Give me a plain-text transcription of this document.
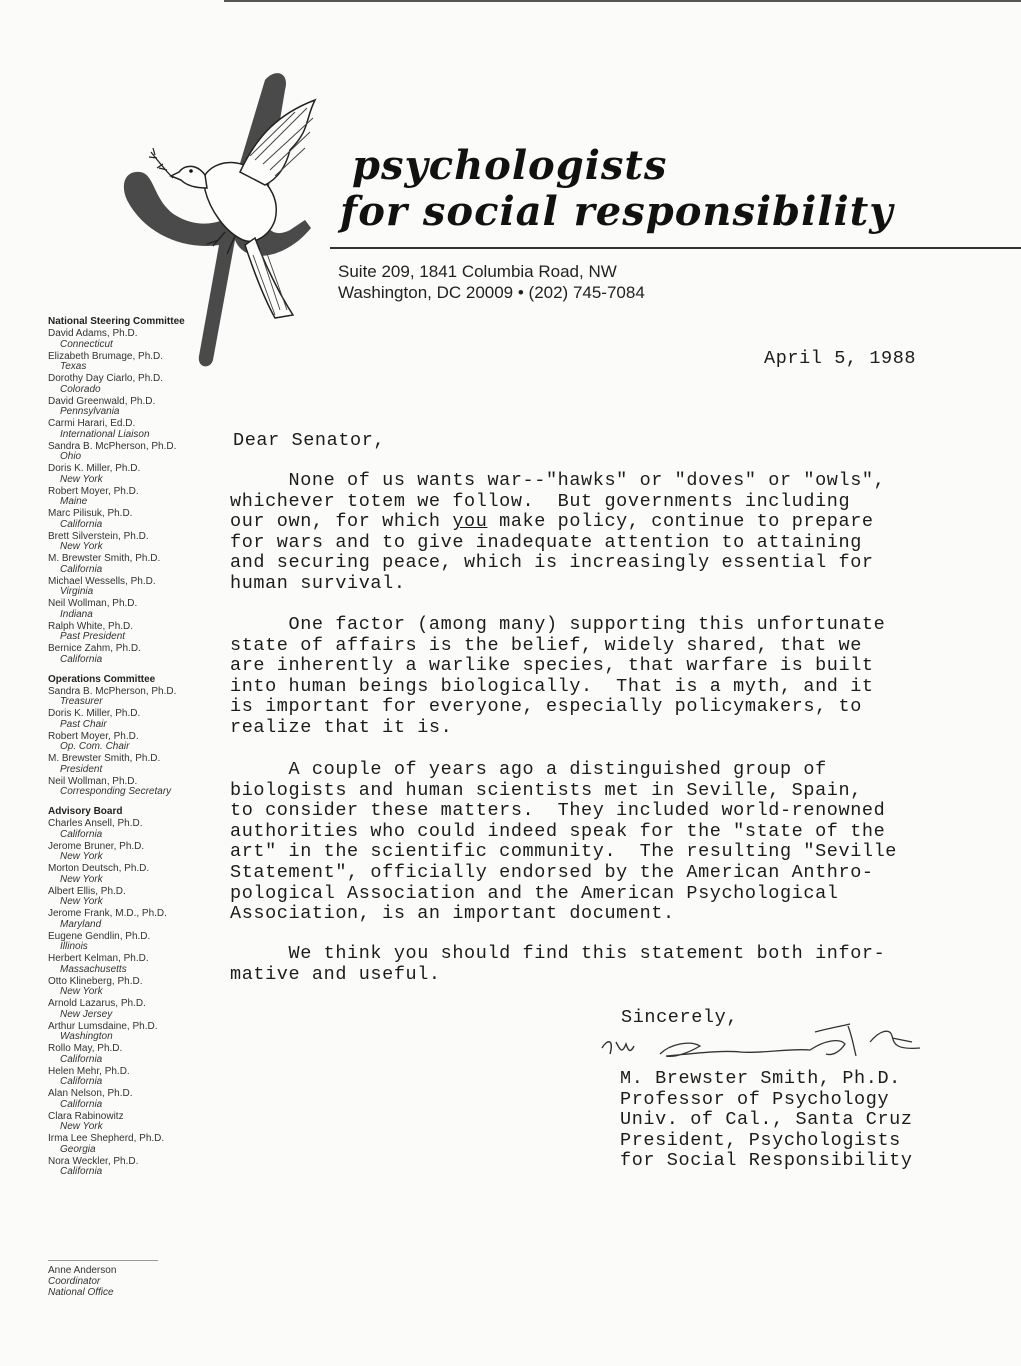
psychologists
for social responsibility
Suite 209, 1841 Columbia Road, NW
Washington, DC 20009 • (202) 745-7084
National Steering Committee
David Adams, Ph.D.
Connecticut
Elizabeth Brumage, Ph.D.
Texas
Dorothy Day Ciarlo, Ph.D.
Colorado
David Greenwald, Ph.D.
Pennsylvania
Carmi Harari, Ed.D.
International Liaison
Sandra B. McPherson, Ph.D.
Ohio
Doris K. Miller, Ph.D.
New York
Robert Moyer, Ph.D.
Maine
Marc Pilisuk, Ph.D.
California
Brett Silverstein, Ph.D.
New York
M. Brewster Smith, Ph.D.
California
Michael Wessells, Ph.D.
Virginia
Neil Wollman, Ph.D.
Indiana
Ralph White, Ph.D.
Past President
Bernice Zahm, Ph.D.
California
Operations Committee
Sandra B. McPherson, Ph.D.
Treasurer
Doris K. Miller, Ph.D.
Past Chair
Robert Moyer, Ph.D.
Op. Com. Chair
M. Brewster Smith, Ph.D.
President
Neil Wollman, Ph.D.
Corresponding Secretary
Advisory Board
Charles Ansell, Ph.D.
California
Jerome Bruner, Ph.D.
New York
Morton Deutsch, Ph.D.
New York
Albert Ellis, Ph.D.
New York
Jerome Frank, M.D., Ph.D.
Maryland
Eugene Gendlin, Ph.D.
Illinois
Herbert Kelman, Ph.D.
Massachusetts
Otto Klineberg, Ph.D.
New York
Arnold Lazarus, Ph.D.
New Jersey
Arthur Lumsdaine, Ph.D.
Washington
Rollo May, Ph.D.
California
Helen Mehr, Ph.D.
California
Alan Nelson, Ph.D.
California
Clara Rabinowitz
New York
Irma Lee Shepherd, Ph.D.
Georgia
Nora Weckler, Ph.D.
California
Anne Anderson
Coordinator
National Office
April 5, 1988
Dear Senator,
None of us wants war--"hawks" or "doves" or "owls",
whichever totem we follow.  But governments including
our own, for which you make policy, continue to prepare
for wars and to give inadequate attention to attaining
and securing peace, which is increasingly essential for
human survival.
One factor (among many) supporting this unfortunate
state of affairs is the belief, widely shared, that we
are inherently a warlike species, that warfare is built
into human beings biologically.  That is a myth, and it
is important for everyone, especially policymakers, to
realize that it is.
A couple of years ago a distinguished group of
biologists and human scientists met in Seville, Spain,
to consider these matters.  They included world-renowned
authorities who could indeed speak for the "state of the
art" in the scientific community.  The resulting "Seville
Statement", officially endorsed by the American Anthro-
pological Association and the American Psychological
Association, is an important document.
We think you should find this statement both infor-
mative and useful.
Sincerely,
M. Brewster Smith, Ph.D.
Professor of Psychology
Univ. of Cal., Santa Cruz
President, Psychologists
for Social Responsibility
